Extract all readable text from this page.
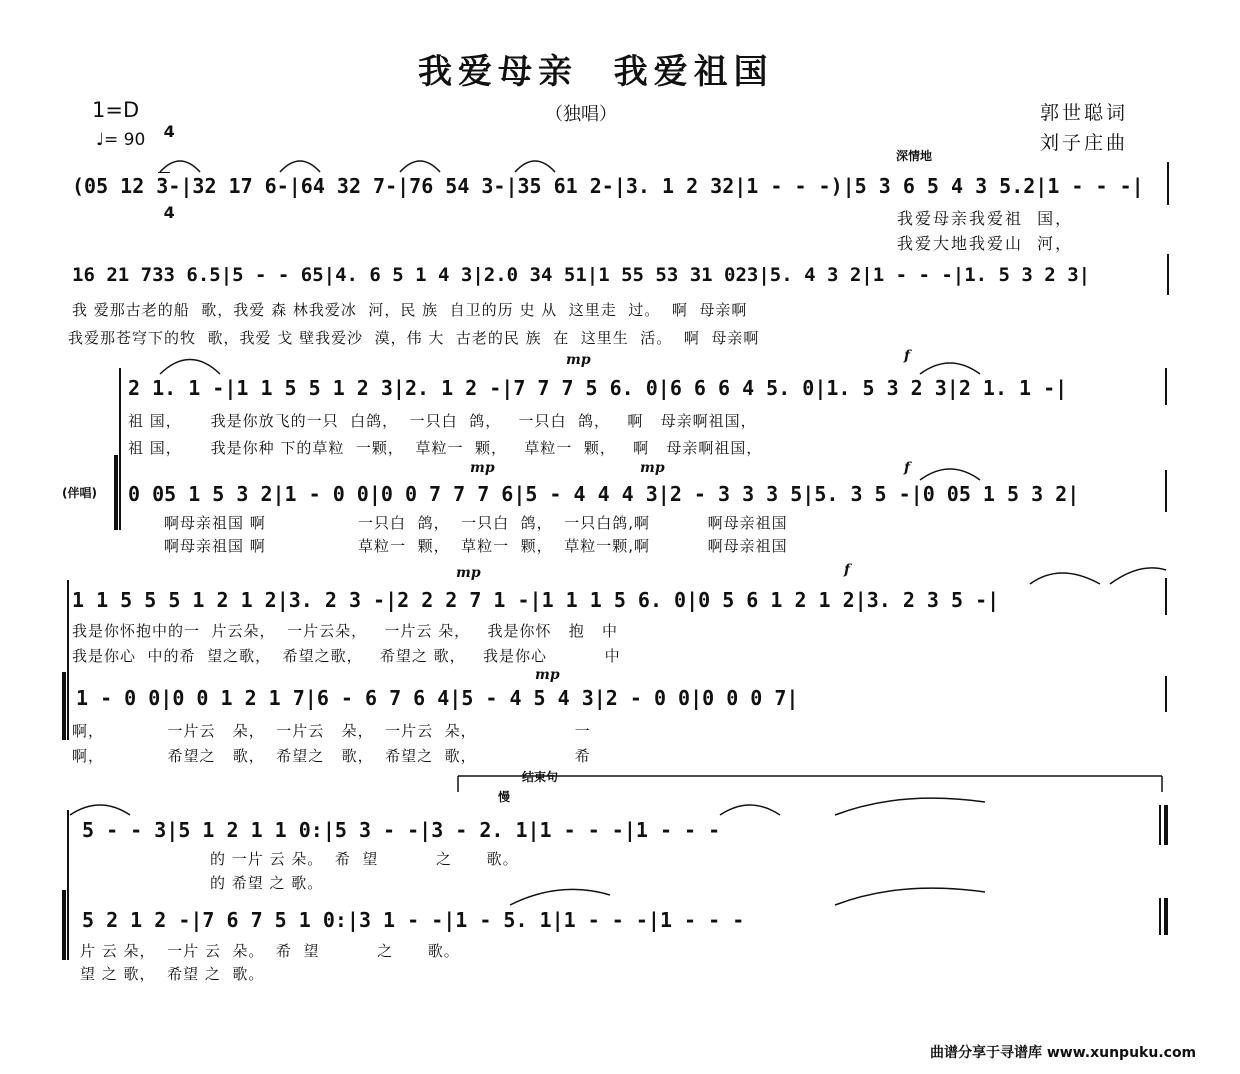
我爱母亲  我爱祖国
1=D

4

4

♩= 90
（独唱）	郭世聪词
刘子庄曲
深情地
(05 12 3-|32 17 6-|64 32 7-|76 54 3-|35 61 2-|3. 1 2 32|1 - - -)|5 3 6 5 4 3 5.2|1 - - -|
我爱母亲我爱祖  国，
我爱大地我爱山  河，
16 21 733 6.5|5 - - 65|4. 6 5 1 4 3|2.0 34 51|1 55 53 31 023|5. 4 3 2|1 - - -|1. 5 3 2 3|
我 爱那古老的船  歌，我爱 森 林我爱冰  河，民 族  自卫的历 史 从  这里走  过。  啊  母亲啊
我爱那苍穹下的牧  歌，我爱 戈 壁我爱沙  漠，伟 大  古老的民 族  在  这里生  活。  啊  母亲啊
mp	f
2 1. 1 -|1 1 5 5 1 2 3|2. 1 2 -|7 7 7 5 6. 0|6 6 6 4 5. 0|1. 5 3 2 3|2 1. 1 -|
祖 国，     我是你放飞的一只  白鸽，  一只白  鸽，   一只白  鸽，   啊   母亲啊祖国，
祖 国，     我是你种 下的草粒  一颗，  草粒一  颗，   草粒一  颗，   啊   母亲啊祖国，
(伴唱)
mp	mp	f
0 05 1 5 3 2|1 - 0 0|0 0 7 7 7 6|5 - 4 4 4 3|2 - 3 3 3 5|5. 3 5 -|0 05 1 5 3 2|
啊母亲祖国 啊                一只白  鸽，  一只白  鸽，  一只白鸽,啊          啊母亲祖国
啊母亲祖国 啊                草粒一  颗，  草粒一  颗，  草粒一颗,啊          啊母亲祖国
mp	f
1 1 5 5 5 1 2 1 2|3. 2 3 -|2 2 2 7 1 -|1 1 1 5 6. 0|0 5 6 1 2 1 2|3. 2 3 5 -|
我是你怀抱中的一  片云朵，  一片云朵，   一片云 朵，   我是你怀   抱   中
我是你心  中的希  望之歌，  希望之歌，   希望之 歌，   我是你心          中
mp
1 - 0 0|0 0 1 2 1 7|6 - 6 7 6 4|5 - 4 5 4 3|2 - 0 0|0 0 0 7|
啊，           一片云   朵，  一片云   朵，  一片云  朵，                 一
啊，           希望之   歌，  希望之   歌，  希望之  歌，                 希
结束句
慢
5 - - 3|5 1 2 1 1 0:|5 3 - -|3 - 2. 1|1 - - -|1 - - -
的 一片 云 朵。  希  望          之      歌。
的 希望 之 歌。
5 2 1 2 -|7 6 7 5 1 0:|3 1 - -|1 - 5. 1|1 - - -|1 - - -
片 云 朵，  一片 云  朵。  希  望          之      歌。
望 之 歌，  希望 之  歌。
曲谱分享于寻谱库 www.xunpuku.com
